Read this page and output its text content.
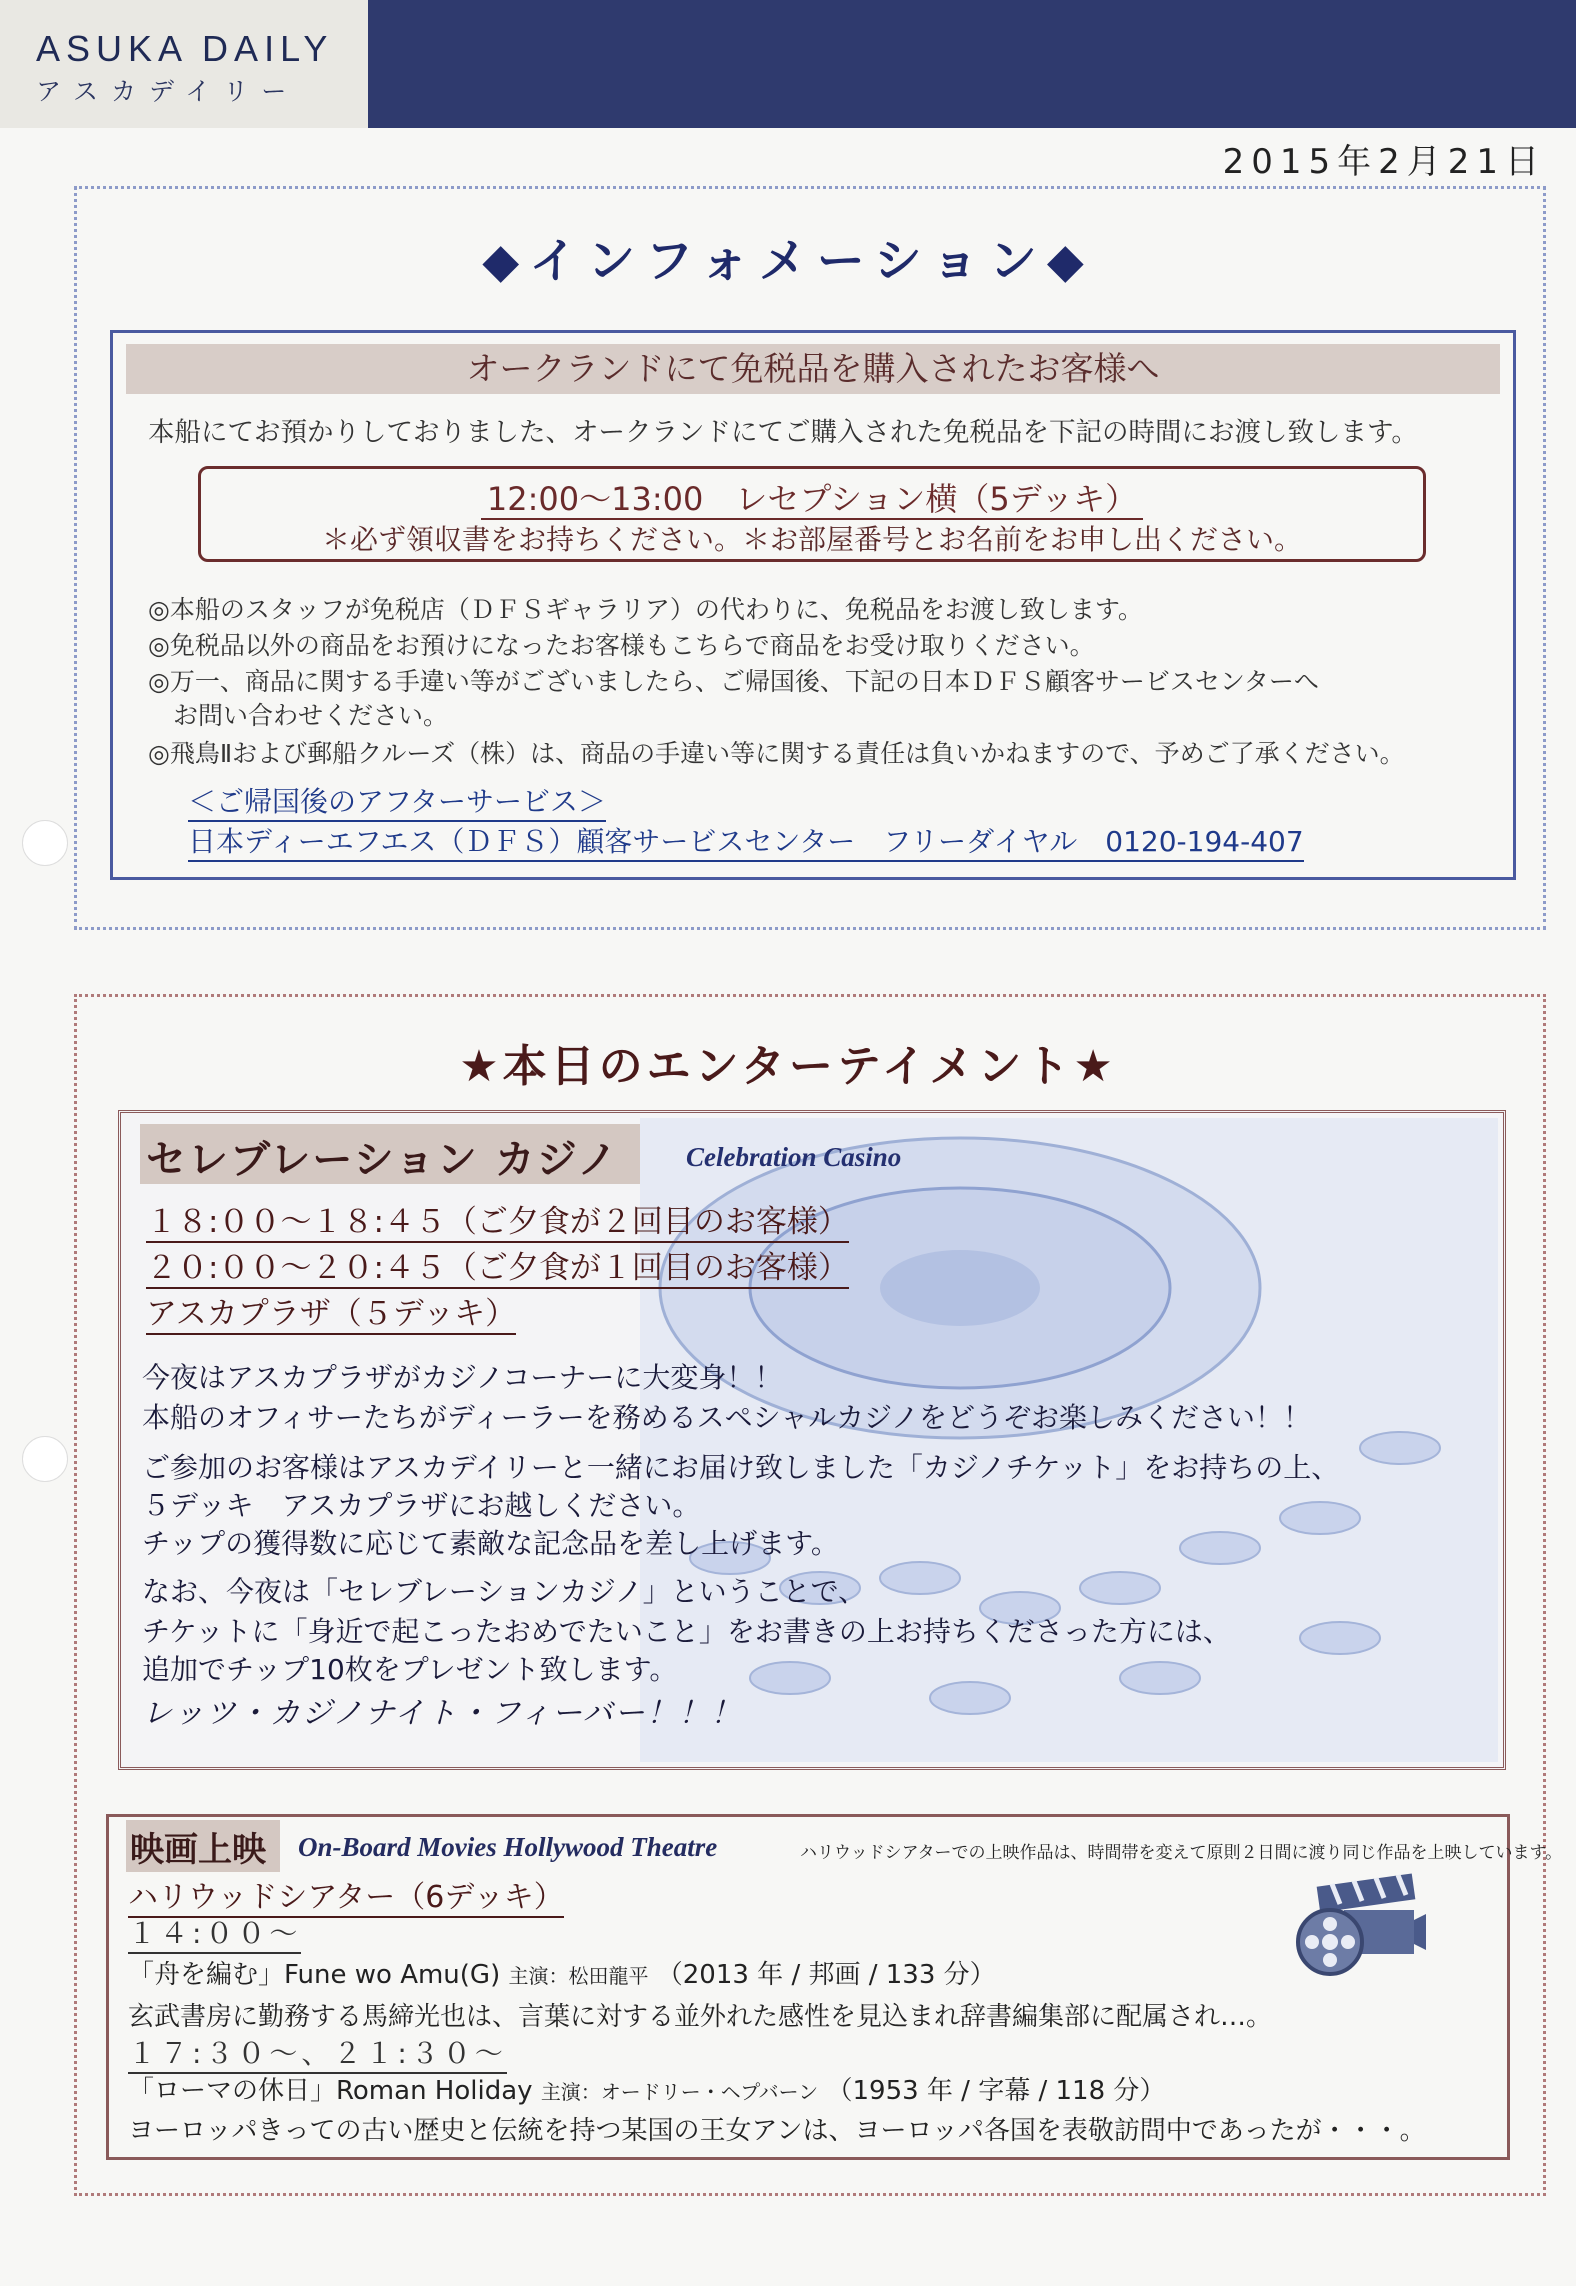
ASUKA DAILY
アスカデイリー
2015年2月21日
◆インフォメーション◆
オークランドにて免税品を購入されたお客様へ
本船にてお預かりしておりました、オークランドにてご購入された免税品を下記の時間にお渡し致します。
12:00～13:00　レセプション横（5デッキ）
＊必ず領収書をお持ちください。＊お部屋番号とお名前をお申し出ください。
◎本船のスタッフが免税店（ＤＦＳギャラリア）の代わりに、免税品をお渡し致します。
◎免税品以外の商品をお預けになったお客様もこちらで商品をお受け取りください。
◎万一、商品に関する手違い等がございましたら、ご帰国後、下記の日本ＤＦＳ顧客サービスセンターへ
　お問い合わせください。
◎飛鳥Ⅱおよび郵船クルーズ（株）は、商品の手違い等に関する責任は負いかねますので、予めご了承ください。
＜ご帰国後のアフターサービス＞
日本ディーエフエス（ＤＦＳ）顧客サービスセンター　フリーダイヤル　0120-194-407
★本日のエンターテイメント★
セレブレーション カジノ Celebration Casino
１８:００～１８:４５（ご夕食が２回目のお客様）
２０:００～２０:４５（ご夕食が１回目のお客様）
アスカプラザ（５デッキ）
今夜はアスカプラザがカジノコーナーに大変身！！
本船のオフィサーたちがディーラーを務めるスペシャルカジノをどうぞお楽しみください！！
ご参加のお客様はアスカデイリーと一緒にお届け致しました「カジノチケット」をお持ちの上、
５デッキ　アスカプラザにお越しください。
チップの獲得数に応じて素敵な記念品を差し上げます。
なお、今夜は「セレブレーションカジノ」ということで、
チケットに「身近で起こったおめでたいこと」をお書きの上お持ちくださった方には、
追加でチップ10枚をプレゼント致します。
レッツ・カジノナイト・フィーバー！！！
映画上映 On-Board Movies Hollywood Theatre	ハリウッドシアターでの上映作品は、時間帯を変えて原則２日間に渡り同じ作品を上映しています。
ハリウッドシアター（6デッキ）
１４:００～
「舟を編む」Fune wo Amu(G) 主演：松田龍平 （2013 年 / 邦画 / 133 分）
玄武書房に勤務する馬締光也は、言葉に対する並外れた感性を見込まれ辞書編集部に配属され…。
１７:３０～、２１:３０～
「ローマの休日」Roman Holiday 主演：オードリー・ヘプバーン （1953 年 / 字幕 / 118 分）
ヨーロッパきっての古い歴史と伝統を持つ某国の王女アンは、ヨーロッパ各国を表敬訪問中であったが・・・。
